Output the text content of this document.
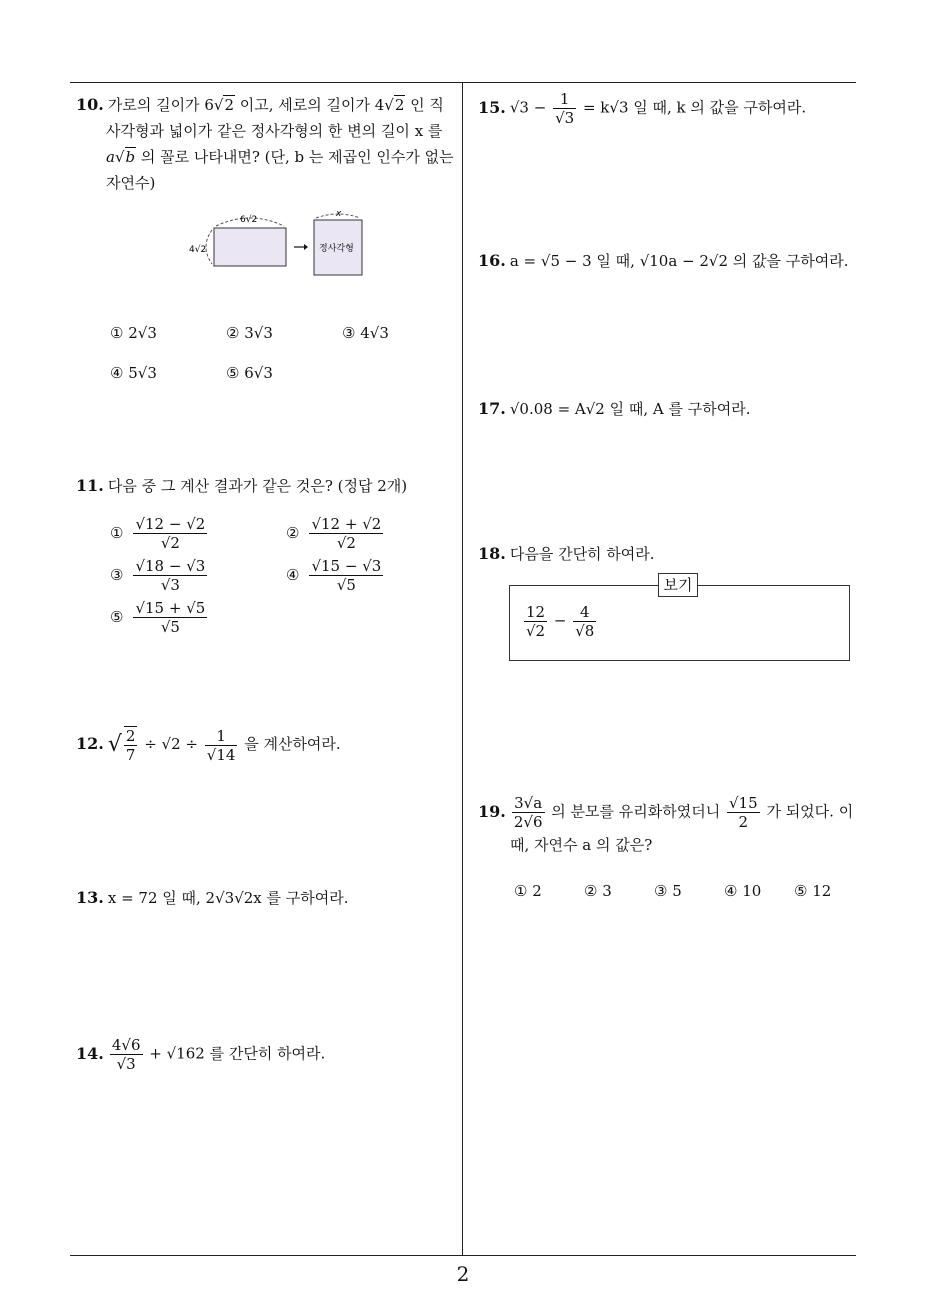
2
10. 가로의 길이가 6√2 이고, 세로의 길이가 4√2 인 직
사각형과 넓이가 같은 정사각형의 한 변의 길이 x 를
a√b 의 꼴로 나타내면? (단, b 는 제곱인 인수가 없는
자연수)
6√2
4√2
x
정사각형
① 2√3	② 3√3	③ 4√3
④ 5√3	⑤ 6√3
11. 다음 중 그 계산 결과가 같은 것은? (정답 2개)
① $\frac{√12 - √2}{√2}$	② $\frac{√12 + √2}{√2}$
③ $\frac{√18 - √3}{√3}$	④ $\frac{√15 - √3}{√5}$
⑤ $\frac{√15 + √5}{√5}$
12. √ $\frac{2}{7} \div √2 \div \frac{1}{√14}$ 을 계산하여라.
13. x = 72 일 때, 2√3√2x 를 구하여라.
14. $\frac{4√6}{√3} + √162$ 를 간단히 하여라.
15. $√3 - \frac{1}{√3} = k√3$ 일 때, k 의 값을 구하여라.
16. a = √5 − 3 일 때, √10a − 2√2 의 값을 구하여라.
17. √0.08 = A√2 일 때, A 를 구하여라.
18. 다음을 간단히 하여라.
보기
$\frac{12}{√2} - \frac{4}{√8}$
19. $\frac{3√a}{2√6}$ 의 분모를 유리화하였더니 $\frac{√15}{2}$ 가 되었다. 이
때, 자연수 a 의 값은?
① 2	② 3	③ 5	④ 10 ⑤ 12
